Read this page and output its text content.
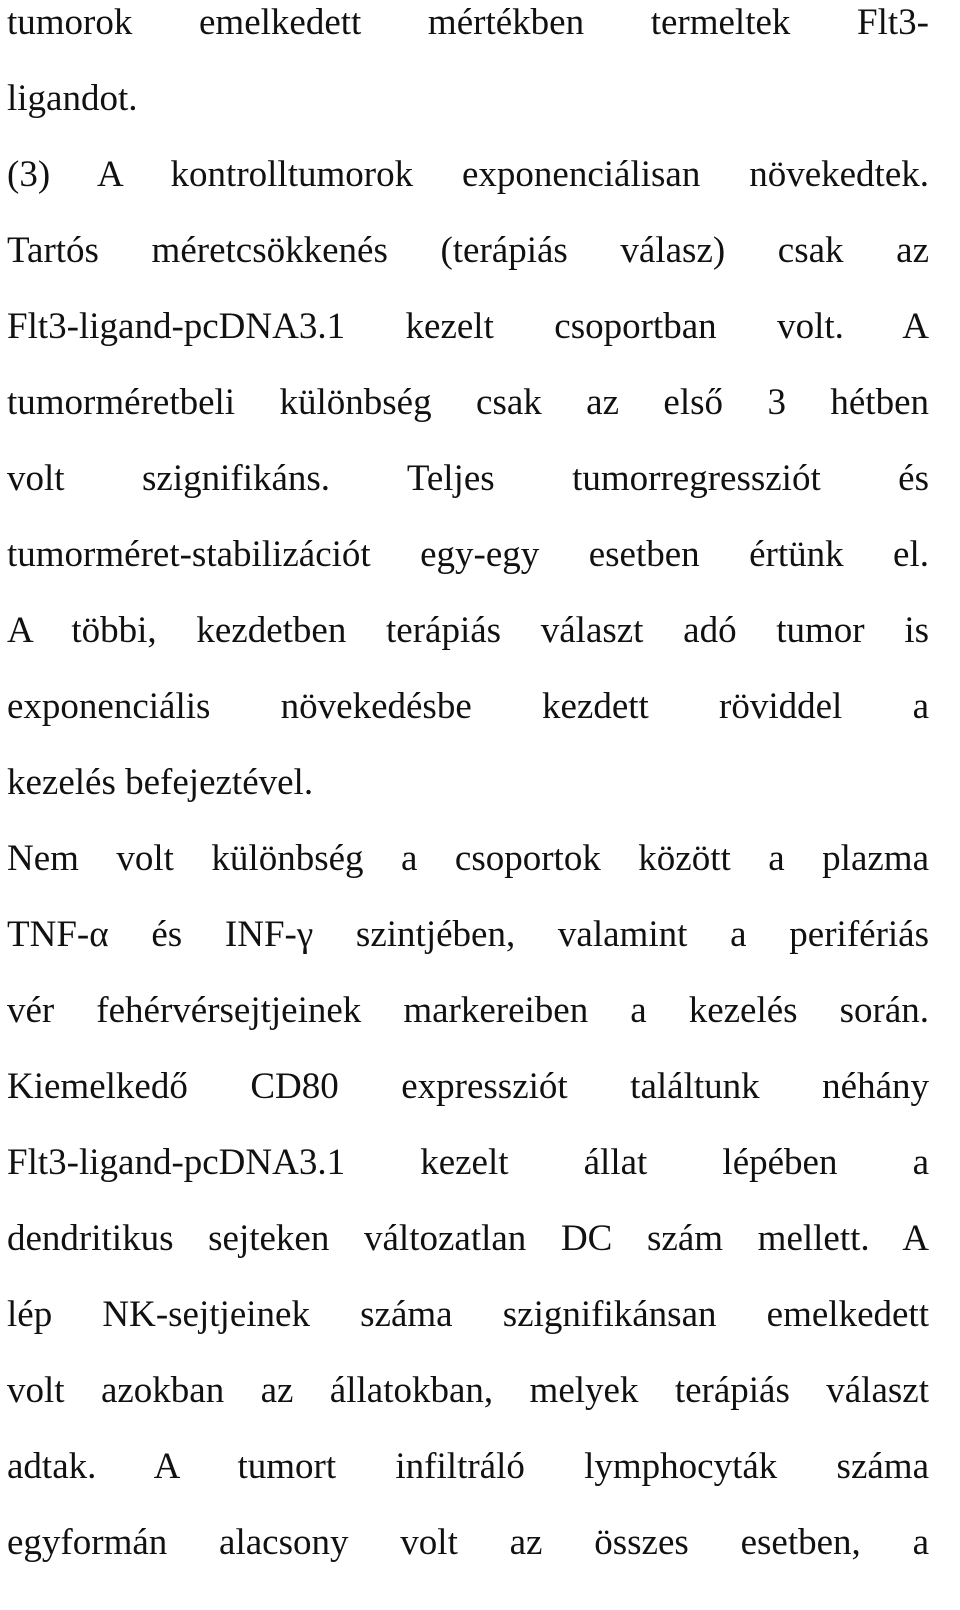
tumorok emelkedett mértékben termeltek Flt3-
ligandot.
(3) A kontrolltumorok exponenciálisan növekedtek.
Tartós méretcsökkenés (terápiás válasz) csak az
Flt3-ligand-pcDNA3.1 kezelt csoportban volt. A
tumorméretbeli különbség csak az első 3 hétben
volt szignifikáns. Teljes tumorregressziót és
tumorméret-stabilizációt egy-egy esetben értünk el.
A többi, kezdetben terápiás választ adó tumor is
exponenciális növekedésbe kezdett röviddel a
kezelés befejeztével.
Nem volt különbség a csoportok között a plazma
TNF-α és INF-γ szintjében, valamint a perifériás
vér fehérvérsejtjeinek markereiben a kezelés során.
Kiemelkedő CD80 expressziót találtunk néhány
Flt3-ligand-pcDNA3.1 kezelt állat lépében a
dendritikus sejteken változatlan DC szám mellett. A
lép NK-sejtjeinek száma szignifikánsan emelkedett
volt azokban az állatokban, melyek terápiás választ
adtak. A tumort infiltráló lymphocyták száma
egyformán alacsony volt az összes esetben, a
